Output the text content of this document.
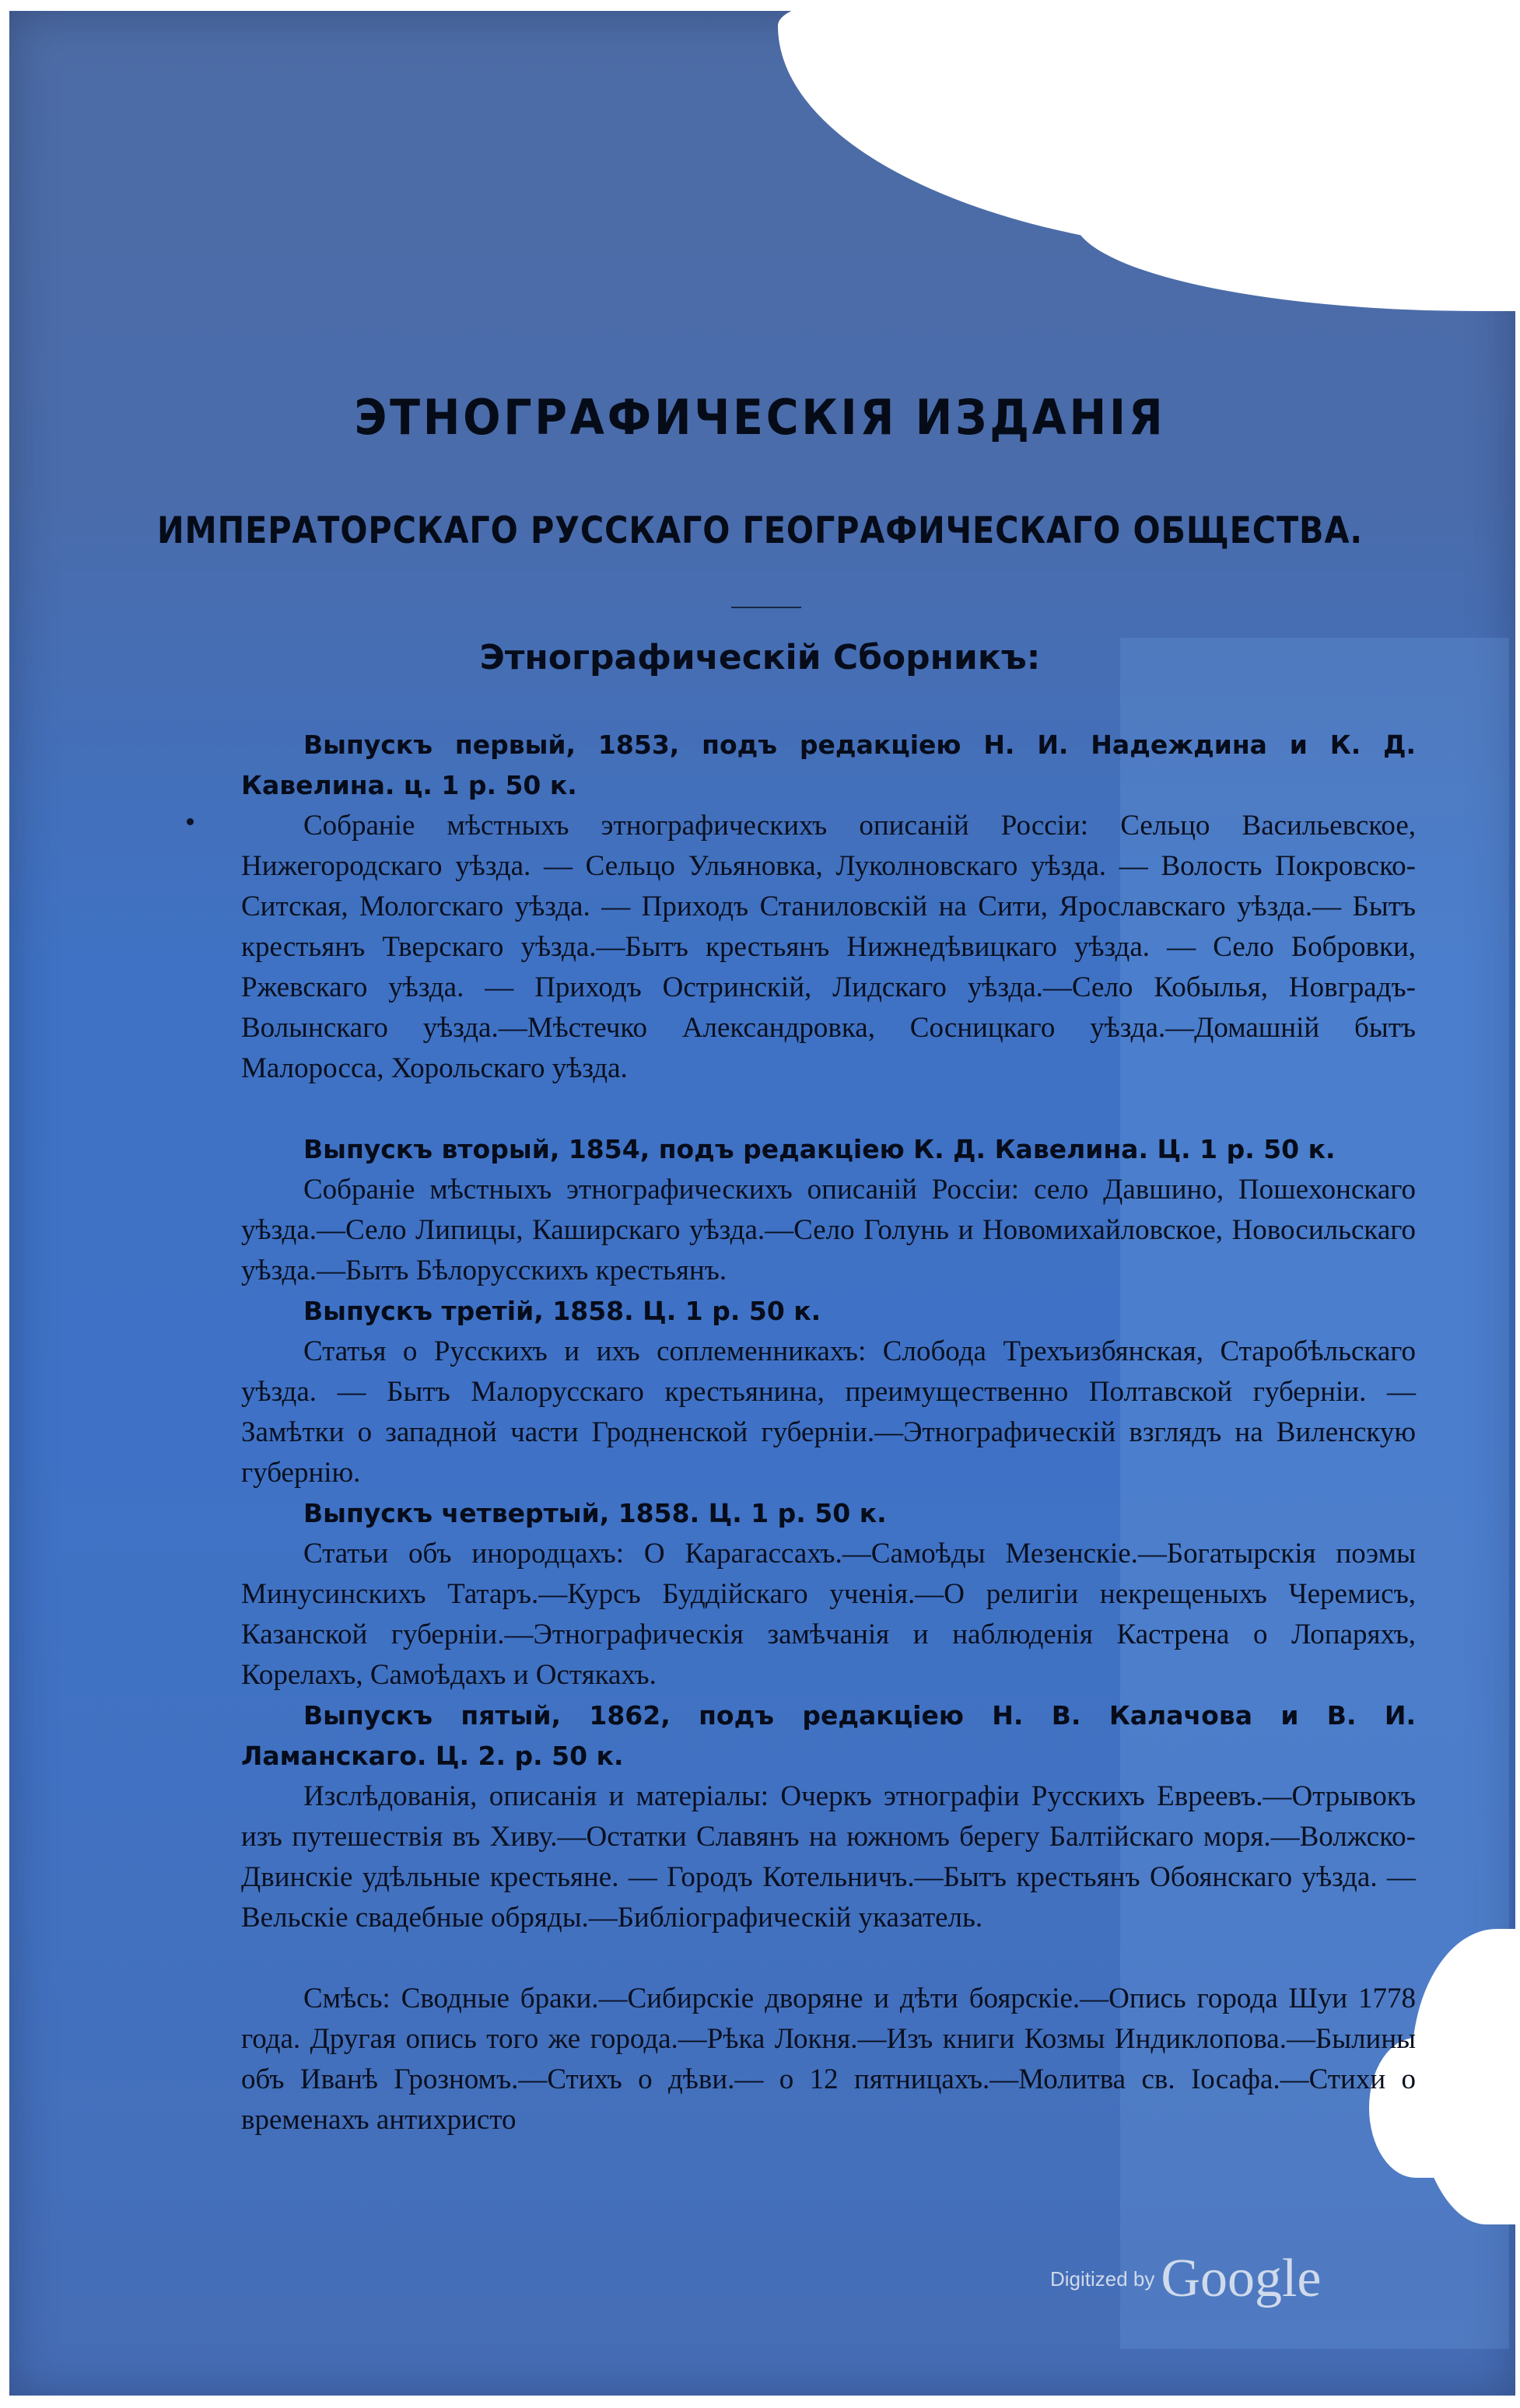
ЭТНОГРАФИЧЕСКІЯ ИЗДАНІЯ
ИМПЕРАТОРСКАГО РУССКАГО ГЕОГРАФИЧЕСКАГО ОБЩЕСТВА.
Этнографическій Сборникъ:

Выпускъ первый, 1853, подъ редакціею Н. И. Надеждина и К. Д. Кавелина. ц. 1 р. 50 к.

Собраніе мѣстныхъ этнографическихъ описаній Россіи: Сельцо Васильевское, Нижегородскаго уѣзда. — Сельцо Ульяновка, Луколновскаго уѣзда. — Волость Покровско-Ситская, Мологскаго уѣзда. — Приходъ Станиловскій на Сити, Ярославскаго уѣзда.— Бытъ крестьянъ Тверскаго уѣзда.—Бытъ крестьянъ Нижнедѣвицкаго уѣзда. — Село Бобровки, Ржевскаго уѣзда. — Приходъ Остринскій, Лидскаго уѣзда.—Село Кобылья, Новградъ-Волынскаго уѣзда.—Мѣстечко Александровка, Сосницкаго уѣзда.—Домашній бытъ Малоросса, Хорольскаго уѣзда.

Выпускъ вторый, 1854, подъ редакціею К. Д. Кавелина. Ц. 1 р. 50 к.

Собраніе мѣстныхъ этнографическихъ описаній Россіи: село Давшино, Пошехонскаго уѣзда.—Село Липицы, Каширскаго уѣзда.—Село Голунь и Новомихайловское, Новосильскаго уѣзда.—Бытъ Бѣлорусскихъ крестьянъ.

Выпускъ третій, 1858. Ц. 1 р. 50 к.

Статья о Русскихъ и ихъ соплеменникахъ: Слобода Трехъизбянская, Старобѣльскаго уѣзда. — Бытъ Малорусскаго крестьянина, преимущественно Полтавской губерніи. — Замѣтки о западной части Гродненской губерніи.—Этнографическій взглядъ на Виленскую губернію.

Выпускъ четвертый, 1858. Ц. 1 р. 50 к.

Статьи объ инородцахъ: О Карагассахъ.—Самоѣды Мезенскіе.—Богатырскія поэмы Минусинскихъ Татаръ.—Курсъ Буддійскаго ученія.—О религіи некрещеныхъ Черемисъ, Казанской губерніи.—Этнографическія замѣчанія и наблюденія Кастрена о Лопаряхъ, Корелахъ, Самоѣдахъ и Остякахъ.

Выпускъ пятый, 1862, подъ редакціею Н. В. Калачова и В. И. Ламанскаго. Ц. 2. р. 50 к.

Изслѣдованія, описанія и матеріалы: Очеркъ этнографіи Русскихъ Евреевъ.—Отрывокъ изъ путешествія въ Хиву.—Остатки Славянъ на южномъ берегу Балтійскаго моря.—Волжско-Двинскіе удѣльные крестьяне. — Городъ Котельничъ.—Бытъ крестьянъ Обоянскаго уѣзда. — Вельскіе свадебные обряды.—Библіографическій указатель.

Смѣсь: Сводные браки.—Сибирскіе дворяне и дѣти боярскіе.—Опись города Шуи 1778 года. Другая опись того же города.—Рѣка Локня.—Изъ книги Козмы Индиклопова.—Былины объ Иванѣ Грозномъ.—Стихъ о дѣви.— о 12 пятницахъ.—Молитва св. Іосафа.—Стихи о временахъ антихристо

Digitized by Google
